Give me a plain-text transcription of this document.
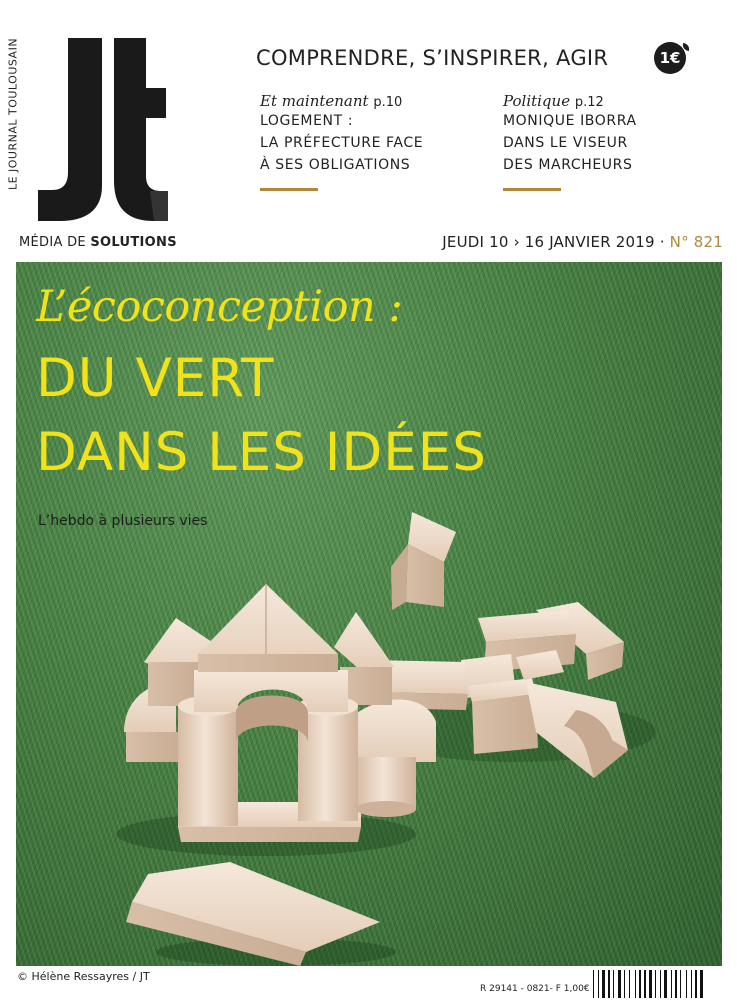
LE JOURNAL TOULOUSAIN	COMPRENDRE, S’INSPIRER, AGIR	1€
Et maintenant p.10
LOGEMENT :
LA PRÉFECTURE FACE
À SES OBLIGATIONS
Politique p.12
MONIQUE IBORRA
DANS LE VISEUR
DES MARCHEURS
MÉDIA DE SOLUTIONS	JEUDI 10 › 16 JANVIER 2019 · N° 821
L’écoconception :
DU VERT
DANS LES IDÉES
L’hebdo à plusieurs vies
© Hélène Ressayres / JT
R 29141 - 0821- F 1,00€
